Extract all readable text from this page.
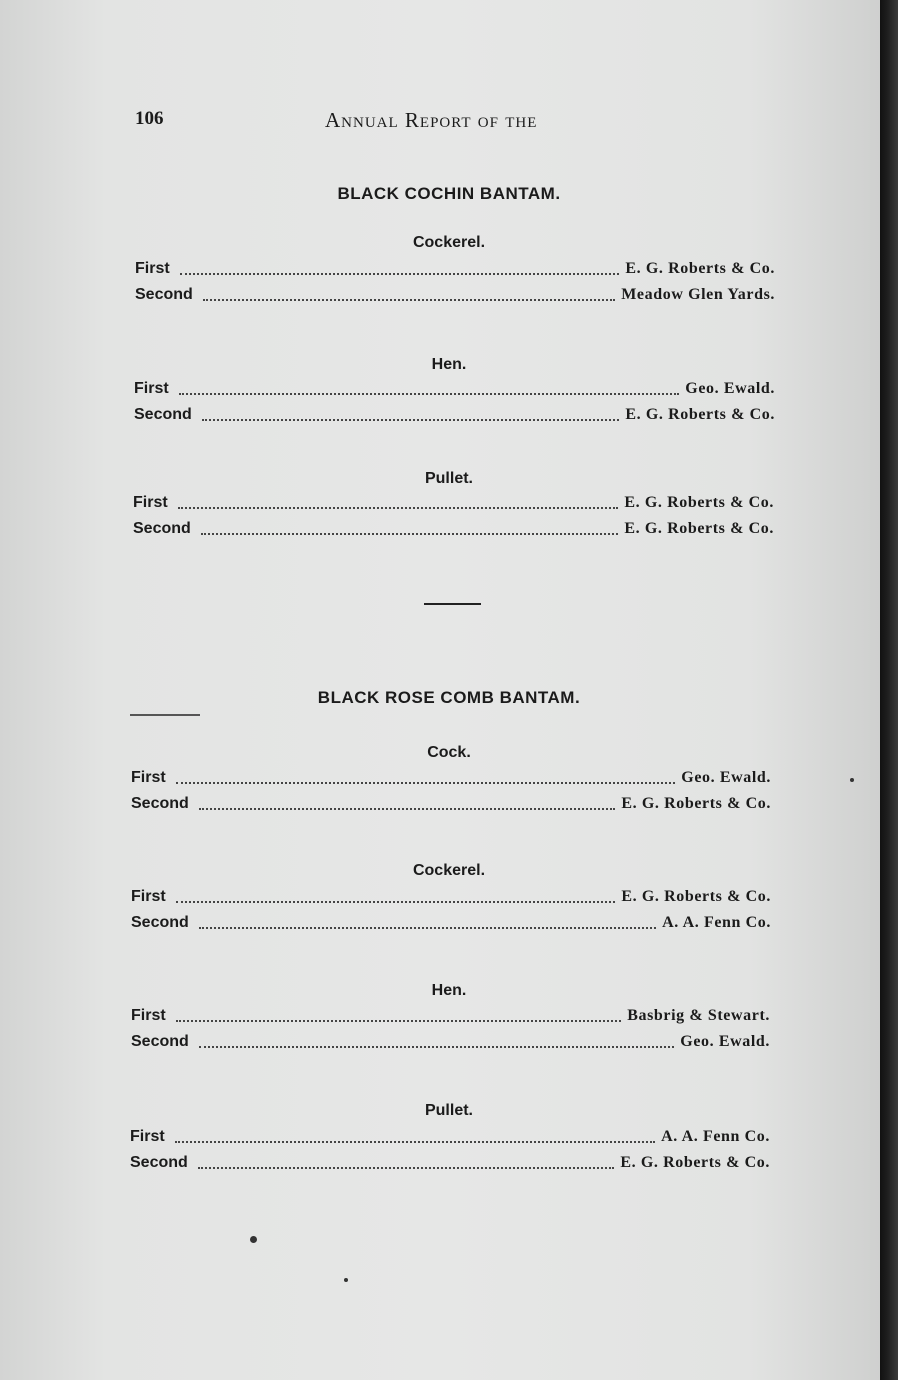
106	Annual Report of the
BLACK COCHIN BANTAM.
Cockerel.
First	E. G. Roberts & Co.
Second	Meadow Glen Yards.
Hen.
First	Geo. Ewald.
Second	E. G. Roberts & Co.
Pullet.
First	E. G. Roberts & Co.
Second	E. G. Roberts & Co.
BLACK ROSE COMB BANTAM.
Cock.
First	Geo. Ewald.
Second	E. G. Roberts & Co.
Cockerel.
First	E. G. Roberts & Co.
Second	A. A. Fenn Co.
Hen.
First	Basbrig & Stewart.
Second	Geo. Ewald.
Pullet.
First	A. A. Fenn Co.
Second	E. G. Roberts & Co.
